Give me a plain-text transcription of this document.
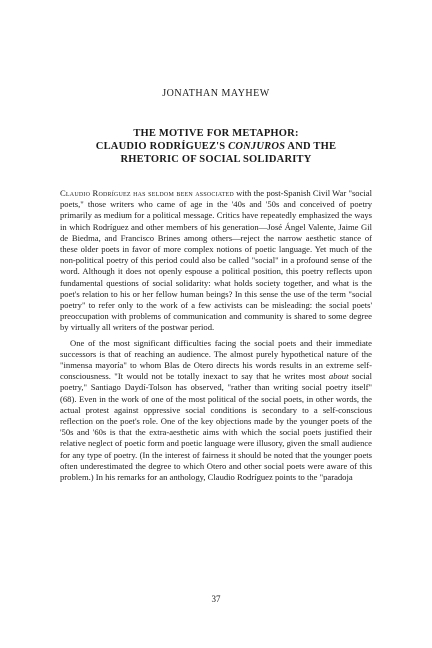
JONATHAN MAYHEW
THE MOTIVE FOR METAPHOR:
CLAUDIO RODRÍGUEZ'S CONJUROS AND THE
RHETORIC OF SOCIAL SOLIDARITY

Claudio Rodríguez has seldom been associated with the post-Spanish Civil War "social poets," those writers who came of age in the '40s and '50s and conceived of poetry primarily as medium for a political message. Critics have repeatedly emphasized the ways in which Rodríguez and other members of his generation—José Ángel Valente, Jaime Gil de Biedma, and Francisco Brines among others—reject the narrow aesthetic stance of these older poets in favor of more complex notions of poetic language. Yet much of the non-political poetry of this period could also be called "social" in a profound sense of the word. Although it does not openly espouse a political position, this poetry reflects upon fundamental questions of social solidarity: what holds society together, and what is the poet's relation to his or her fellow human beings? In this sense the use of the term "social poetry" to refer only to the work of a few activists can be misleading: the social poets' preoccupation with problems of communication and community is shared to some degree by virtually all writers of the postwar period.

One of the most significant difficulties facing the social poets and their immediate successors is that of reaching an audience. The almost purely hypothetical nature of the "inmensa mayoría" to whom Blas de Otero directs his words results in an extreme self-consciousness. "It would not be totally inexact to say that he writes most about social poetry," Santiago Daydí-Tolson has observed, "rather than writing social poetry itself" (68). Even in the work of one of the most political of the social poets, in other words, the actual protest against oppressive social conditions is secondary to a self-conscious reflection on the poet's role. One of the key objections made by the younger poets of the '50s and '60s is that the extra-aesthetic aims with which the social poets justified their relative neglect of poetic form and poetic language were illusory, given the small audience for any type of poetry. (In the interest of fairness it should be noted that the younger poets often underestimated the degree to which Otero and other social poets were aware of this problem.) In his remarks for an anthology, Claudio Rodríguez points to the "paradoja

37
